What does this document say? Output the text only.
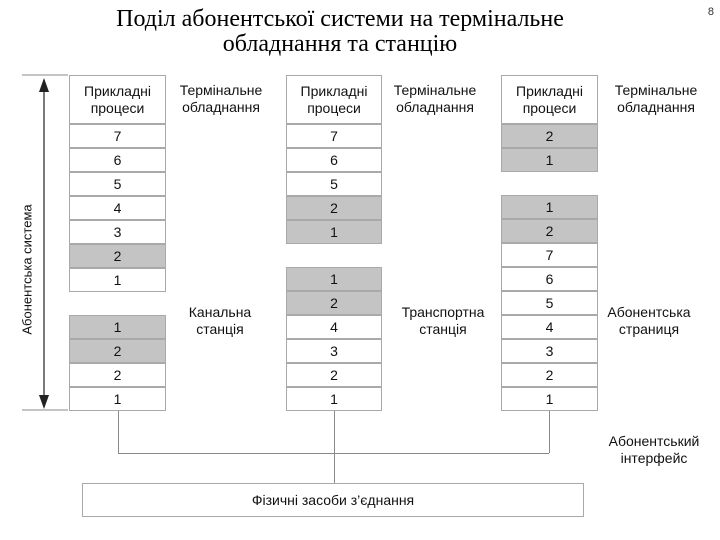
Поділ абонентської системи на термінальне обладнання та станцію
8
Абонентська система
Прикладні процеси
7
6
5
4
3
2
1
1
2
2
1
Прикладні процеси
7
6
5
2
1
1
2
4
3
2
1
Прикладні процеси
2
1
1
2
7
6
5
4
3
2
1
Термінальне обладнання
Термінальне обладнання
Термінальне обладнання
Канальна станція
Транспортна станція
Абонентська страниця
Абонентський інтерфейс
Фізичні засоби з’єднання
